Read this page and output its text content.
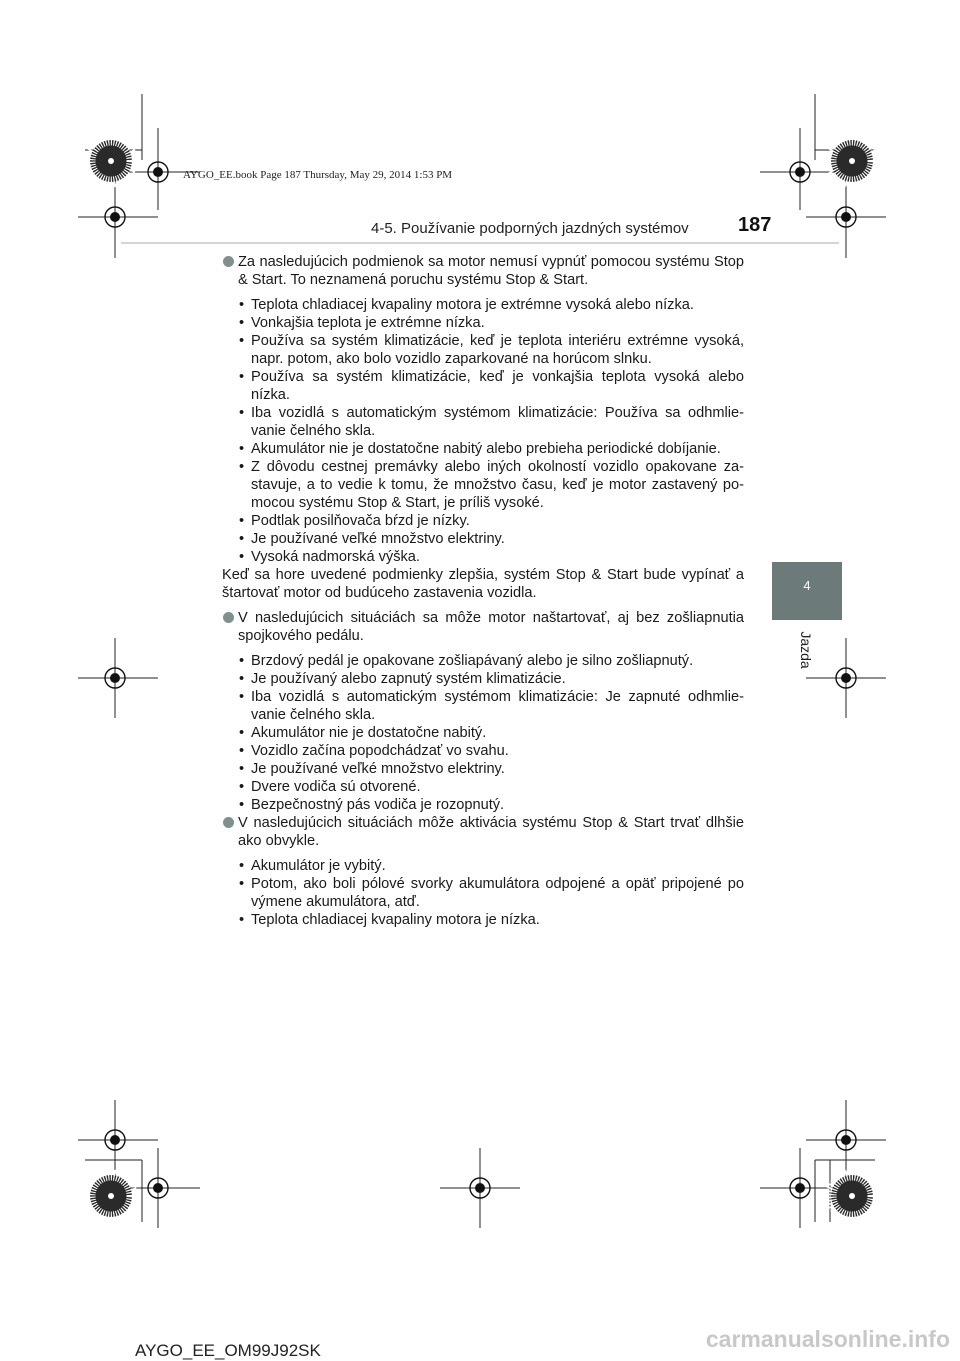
AYGO_EE.book Page 187 Thursday, May 29, 2014 1:53 PM
4-5. Používanie podporných jazdných systémov 187
4
Jazda
Za nasledujúcich podmienok sa motor nemusí vypnúť pomocou systému Stop & Start. To neznamená poruchu systému Stop & Start.
• Teplota chladiacej kvapaliny motora je extrémne vysoká alebo nízka.
• Vonkajšia teplota je extrémne nízka.
• Používa sa systém klimatizácie, keď je teplota interiéru extrémne vysoká, napr. potom, ako bolo vozidlo zaparkované na horúcom slnku.
• Používa sa systém klimatizácie, keď je vonkajšia teplota vysoká alebo nízka.
• Iba vozidlá s automatickým systémom klimatizácie: Používa sa odhmlievanie čelného skla.
• Akumulátor nie je dostatočne nabitý alebo prebieha periodické dobíjanie.
• Z dôvodu cestnej premávky alebo iných okolností vozidlo opakovane zastavuje, a to vedie k tomu, že množstvo času, keď je motor zastavený pomocou systému Stop & Start, je príliš vysoké.
• Podtlak posilňovača bŕzd je nízky.
• Je používané veľké množstvo elektriny.
• Vysoká nadmorská výška.

Keď sa hore uvedené podmienky zlepšia, systém Stop & Start bude vypínať a štartovať motor od budúceho zastavenia vozidla.

V nasledujúcich situáciách sa môže motor naštartovať, aj bez zošliapnutia spojkového pedálu.
• Brzdový pedál je opakovane zošliapávaný alebo je silno zošliapnutý.
• Je používaný alebo zapnutý systém klimatizácie.
• Iba vozidlá s automatickým systémom klimatizácie: Je zapnuté odhmlievanie čelného skla.
• Akumulátor nie je dostatočne nabitý.
• Vozidlo začína popodchádzať vo svahu.
• Je používané veľké množstvo elektriny.
• Dvere vodiča sú otvorené.
• Bezpečnostný pás vodiča je rozopnutý.
V nasledujúcich situáciách môže aktivácia systému Stop & Start trvať dlhšie ako obvykle.
• Akumulátor je vybitý.
• Potom, ako boli pólové svorky akumulátora odpojené a opäť pripojené po výmene akumulátora, atď.
• Teplota chladiacej kvapaliny motora je nízka.
AYGO_EE_OM99J92SK	carmanualsonline.info
